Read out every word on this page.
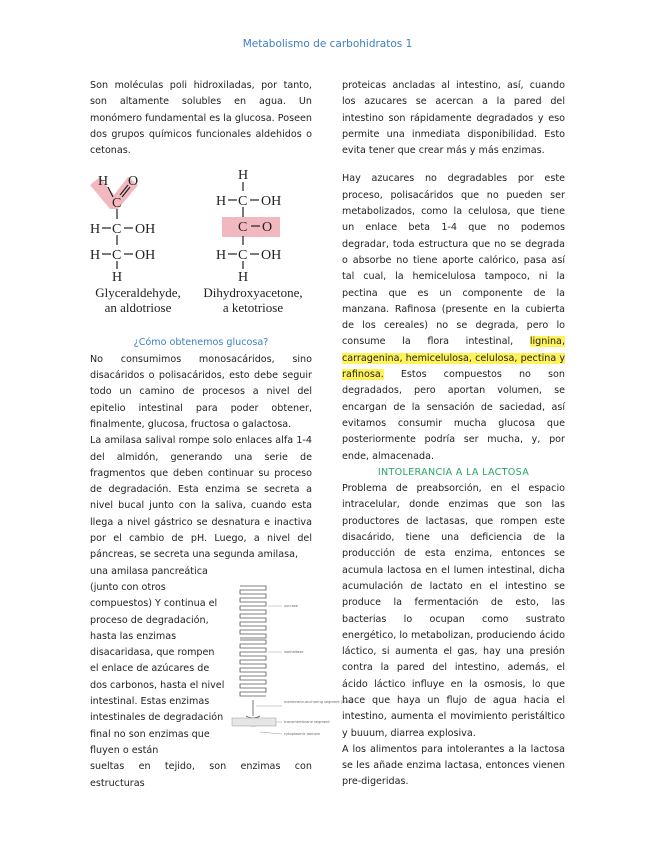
Metabolismo de carbohidratos 1

Son moléculas poli hidroxiladas, por tanto, son altamente solubles en agua. Un monómero fundamental es la glucosa. Poseen dos grupos químicos funcionales aldehidos o cetonas.

H
C
O
H C OH
H C OH
H
H
H C OH
C O
H C OH
H
Glyceraldehyde,
an aldotriose
Dihydroxyacetone,
a ketotriose

¿Cómo obtenemos glucosa?

No consumimos monosacáridos, sino disacáridos o polisacáridos, esto debe seguir todo un camino de procesos a nivel del epitelio intestinal para poder obtener, finalmente, glucosa, fructosa o galactosa.

La amilasa salival rompe solo enlaces alfa 1-4 del almidón, generando una serie de fragmentos que deben continuar su proceso de degradación. Esta enzima se secreta a nivel bucal junto con la saliva, cuando esta llega a nivel gástrico se desnatura e inactiva por el cambio de pH. Luego, a nivel del páncreas, se secreta una segunda amilasa,

una amilasa pancreática (junto con otros compuestos) Y continua el proceso de degradación, hasta las enzimas disacaridasa, que rompen el enlace de azúcares de dos carbonos, hasta el nivel intestinal. Estas enzimas intestinales de degradación final no son enzimas que fluyen o están

sueltas en tejido, son enzimas con estructuras

sucrase
isomaltase
membrane-anchoring segment (stalk)
transmembrane segment
cytoplasmic domain

proteicas ancladas al intestino, así, cuando los azucares se acercan a la pared del intestino son rápidamente degradados y eso permite una inmediata disponibilidad. Esto evita tener que crear más y más enzimas.

Hay azucares no degradables por este proceso, polisacáridos que no pueden ser metabolizados, como la celulosa, que tiene un enlace beta 1-4 que no podemos degradar, toda estructura que no se degrada o absorbe no tiene aporte calórico, pasa así tal cual, la hemicelulosa tampoco, ni la pectina que es un componente de la manzana. Rafinosa (presente en la cubierta de los cereales) no se degrada, pero lo consume la flora intestinal, lignina, carragenina, hemicelulosa, celulosa, pectina y rafinosa. Estos compuestos no son degradados, pero aportan volumen, se encargan de la sensación de saciedad, así evitamos consumir mucha glucosa que posteriormente podría ser mucha, y, por ende, almacenada.

INTOLERANCIA A LA LACTOSA

Problema de preabsorción, en el espacio intracelular, donde enzimas que son las productores de lactasas, que rompen este disacárido, tiene una deficiencia de la producción de esta enzima, entonces se acumula lactosa en el lumen intestinal, dicha acumulación de lactato en el intestino se produce la fermentación de esto, las bacterias lo ocupan como sustrato energético, lo metabolizan, produciendo ácido láctico, si aumenta el gas, hay una presión contra la pared del intestino, además, el ácido láctico influye en la osmosis, lo que hace que haya un flujo de agua hacia el intestino, aumenta el movimiento peristáltico y buuum, diarrea explosiva.

A los alimentos para intolerantes a la lactosa se les añade enzima lactasa, entonces vienen pre-digeridas.
